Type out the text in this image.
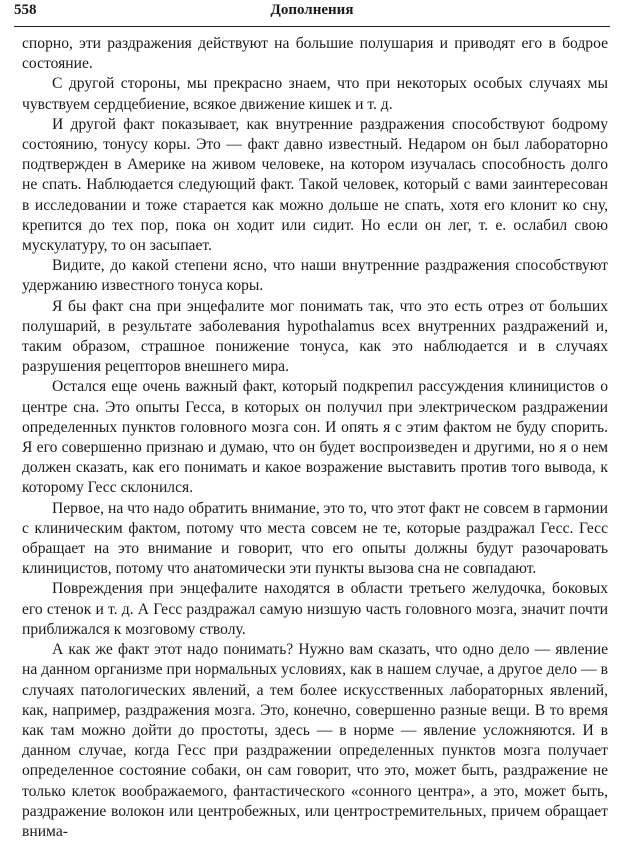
558	Дополнения

спорно, эти раздражения действуют на большие полушария и приводят его в бодрое состояние.

С другой стороны, мы прекрасно знаем, что при некоторых особых случаях мы чувствуем сердцебиение, всякое движение кишек и т. д.

И другой факт показывает, как внутренние раздражения способствуют бодрому состоянию, тонусу коры. Это — факт давно известный. Недаром он был лабораторно подтвержден в Америке на живом человеке, на котором изучалась способность долго не спать. Наблюдается следующий факт. Такой человек, который с вами заинтересован в исследовании и тоже старается как можно дольше не спать, хотя его клонит ко сну, крепится до тех пор, пока он ходит или сидит. Но если он лег, т. е. ослабил свою мускулатуру, то он засыпает.

Видите, до какой степени ясно, что наши внутренние раздражения способствуют удержанию известного тонуса коры.

Я бы факт сна при энцефалите мог понимать так, что это есть отрез от больших полушарий, в результате заболевания hypothalamus всех внутренних раздражений и, таким образом, страшное понижение тонуса, как это наблюдается и в случаях разрушения рецепторов внешнего мира.

Остался еще очень важный факт, который подкрепил рассуждения клиницистов о центре сна. Это опыты Гесса, в которых он получил при электрическом раздражении определенных пунктов головного мозга сон. И опять я с этим фактом не буду спорить. Я его совершенно признаю и думаю, что он будет воспроизведен и другими, но я о нем должен сказать, как его понимать и какое возражение выставить против того вывода, к которому Гесс склонился.

Первое, на что надо обратить внимание, это то, что этот факт не совсем в гармонии с клиническим фактом, потому что места совсем не те, которые раздражал Гесс. Гесс обращает на это внимание и говорит, что его опыты должны будут разочаровать клиницистов, потому что анатомически эти пункты вызова сна не совпадают.

Повреждения при энцефалите находятся в области третьего желудочка, боковых его стенок и т. д. А Гесс раздражал самую низшую часть головного мозга, значит почти приближался к мозговому стволу.

А как же факт этот надо понимать? Нужно вам сказать, что одно дело — явление на данном организме при нормальных условиях, как в нашем случае, а другое дело — в случаях патологических явлений, а тем более искусственных лабораторных явлений, как, например, раздражения мозга. Это, конечно, совершенно разные вещи. В то время как там можно дойти до простоты, здесь — в норме — явление усложняются. И в данном случае, когда Гесс при раздражении определенных пунктов мозга получает определенное состояние собаки, он сам говорит, что это, может быть, раздражение не только клеток воображаемого, фантастического «сонного центра», а это, может быть, раздражение волокон или центробежных, или центростремительных, причем обращает внима-
